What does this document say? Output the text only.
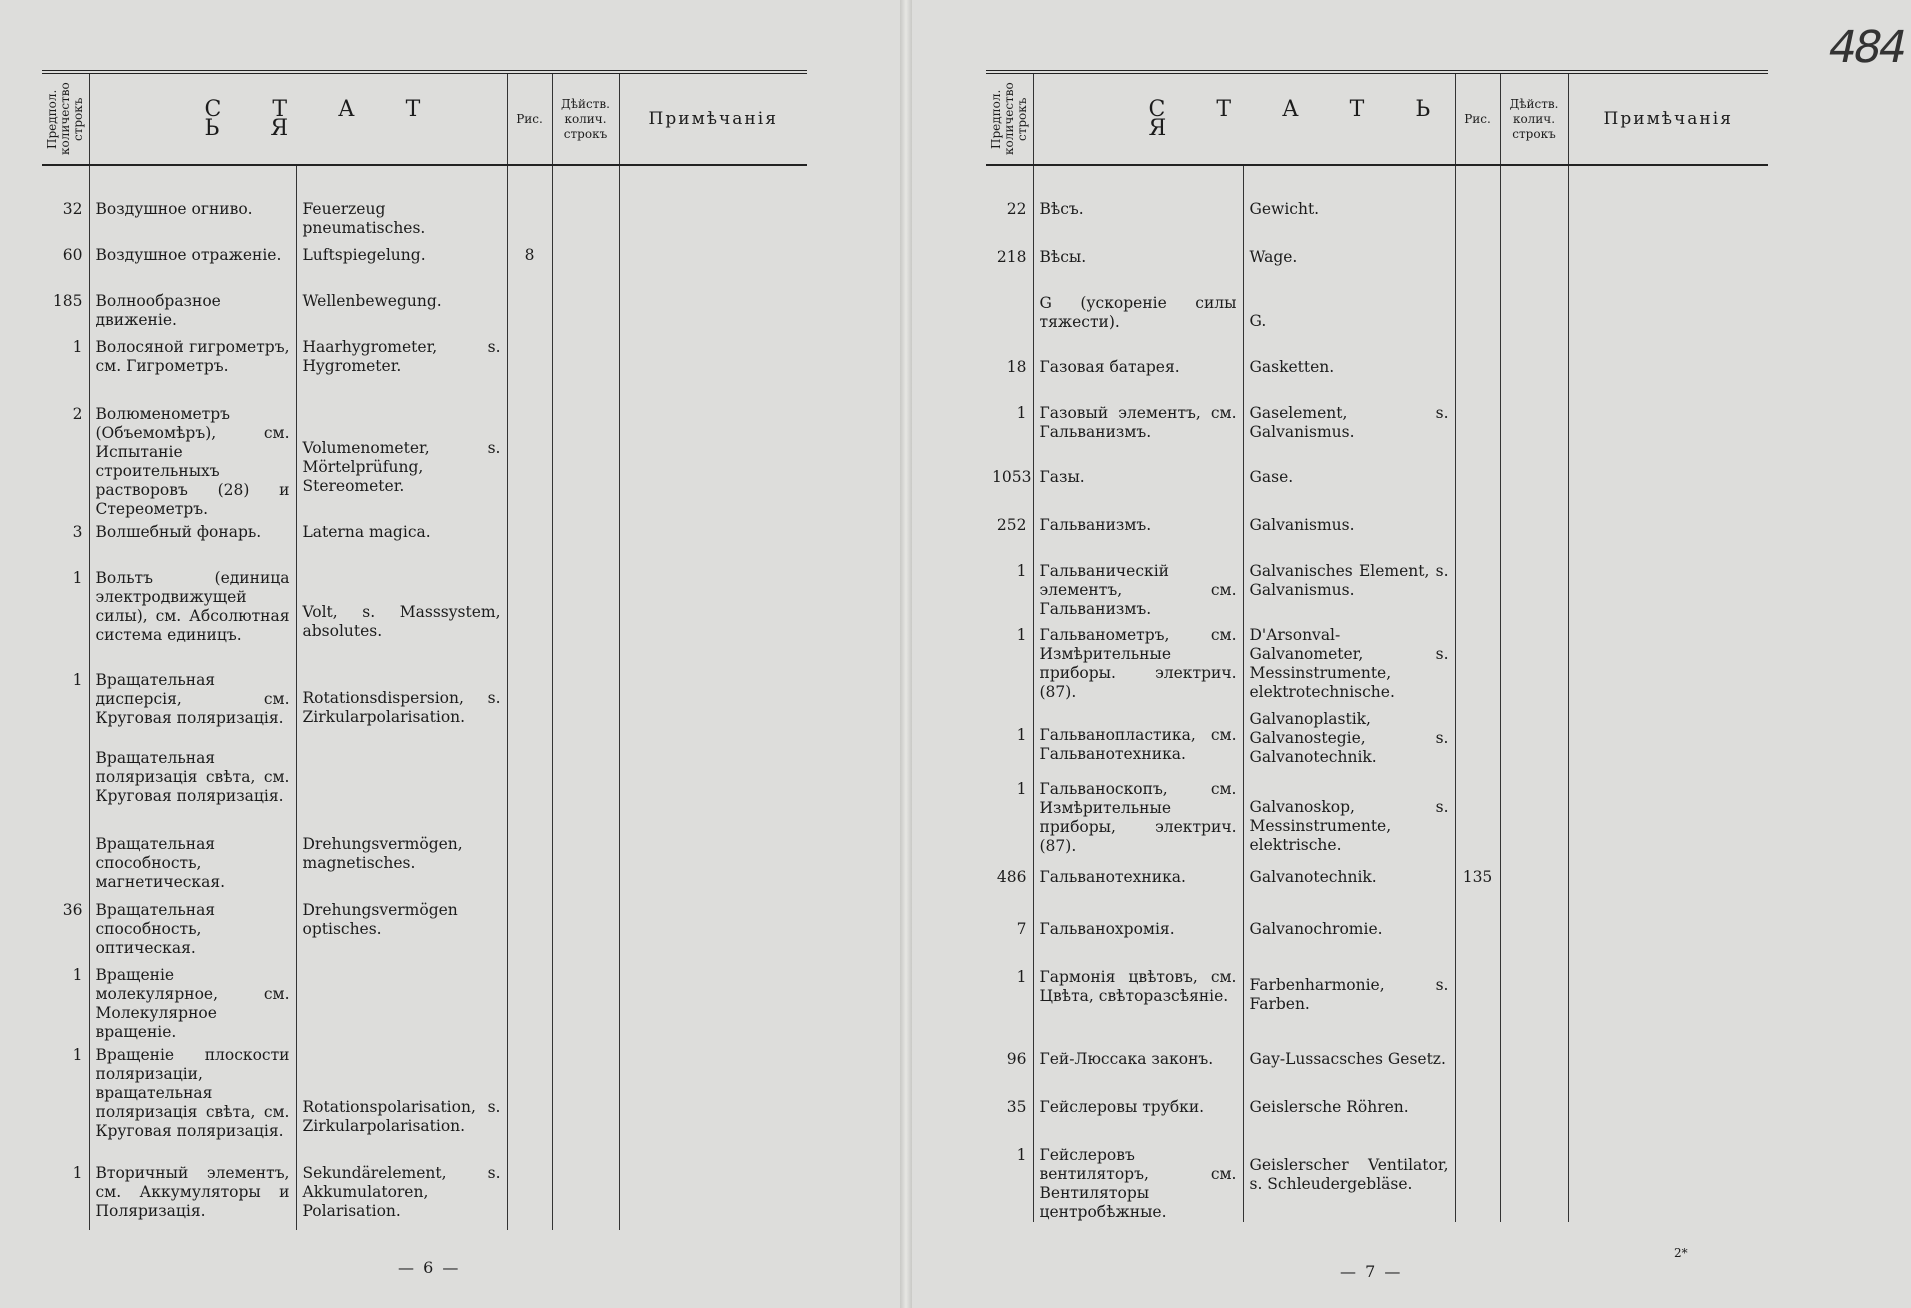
Предпол. количество строкъ	С Т А Т Ь Я		Рис.	Дѣйств. колич. строкъ	Примѣчанія

32	Воздушное огниво.	Feuerzeug pneumatisches.			
60	Воздушное отраженіе.	Luftspiegelung.	8		
185	Волнообразное движеніе.	Wellenbewegung.			
1	Волосяной гигрометръ, см. Гигрометръ.	Haarhygrometer, s. Hygrometer.			
2	Волюменометръ (Объемомѣръ), см. Испытаніе строительныхъ растворовъ (28) и Стереометръ.	Volumenometer, s. Mörtelprüfung, Stereometer.			
3	Волшебный фонарь.	Laterna magica.			
1	Вольтъ (единица электродвижущей силы), см. Абсолютная система единицъ.	Volt, s. Masssystem, absolutes.			
1	Вращательная дисперсія, см. Круговая поляризація.	Rotationsdispersion, s. Zirkularpolarisation.			
	Вращательная поляризація свѣта, см. Круговая поляризація.				
	Вращательная способность, магнетическая.	Drehungsvermögen, magnetisches.			
36	Вращательная способность, оптическая.	Drehungsvermögen optisches.			
1	Вращеніе молекулярное, см. Молекулярное вращеніе.				
1	Вращеніе плоскости поляризаціи, вращательная поляризація свѣта, см. Круговая поляризація.	Rotationspolarisation, s. Zirkularpolarisation.			
1	Вторичный элементъ, см. Аккумуляторы и Поляризація.	Sekundärelement, s. Akkumulatoren, Polarisation.			
— 6 —
Предпол. количество строкъ	С Т А Т Ь Я		Рис.	Дѣйств. колич. строкъ	Примѣчанія

22	Вѣсъ.	Gewicht.			
218	Вѣсы.	Wage.			
	G (ускореніе силы тяжести).	G.			
18	Газовая батарея.	Gasketten.			
1	Газовый элементъ, см. Гальванизмъ.	Gaselement, s. Galvanismus.			
1053	Газы.	Gase.			
252	Гальванизмъ.	Galvanismus.			
1	Гальваническій элементъ, см. Гальванизмъ.	Galvanisches Element, s. Galvanismus.			
1	Гальванометръ, см. Измѣрительные приборы. электрич. (87).	D'Arsonval-Galvanometer, s. Messinstrumente, elektrotechnische.			
1	Гальванопластика, см. Гальванотехника.	Galvanoplastik, Galvanostegie, s. Galvanotechnik.			
1	Гальваноскопъ, см. Измѣрительные приборы, электрич. (87).	Galvanoskop, s. Messinstrumente, elektrische.			
486	Гальванотехника.	Galvanotechnik.	135		
7	Гальванохромія.	Galvanochromie.			
1	Гармонія цвѣтовъ, см. Цвѣта, свѣторазсѣяніе.	Farbenharmonie, s. Farben.			
96	Гей-Люссака законъ.	Gay-Lussacsches Gesetz.			
35	Гейслеровы трубки.	Geislersche Röhren.			
1	Гейслеровъ вентиляторъ, см. Вентиляторы центробѣжные.	Geislerscher Ventilator, s. Schleudergebläse.			
— 7 —
2*
484
